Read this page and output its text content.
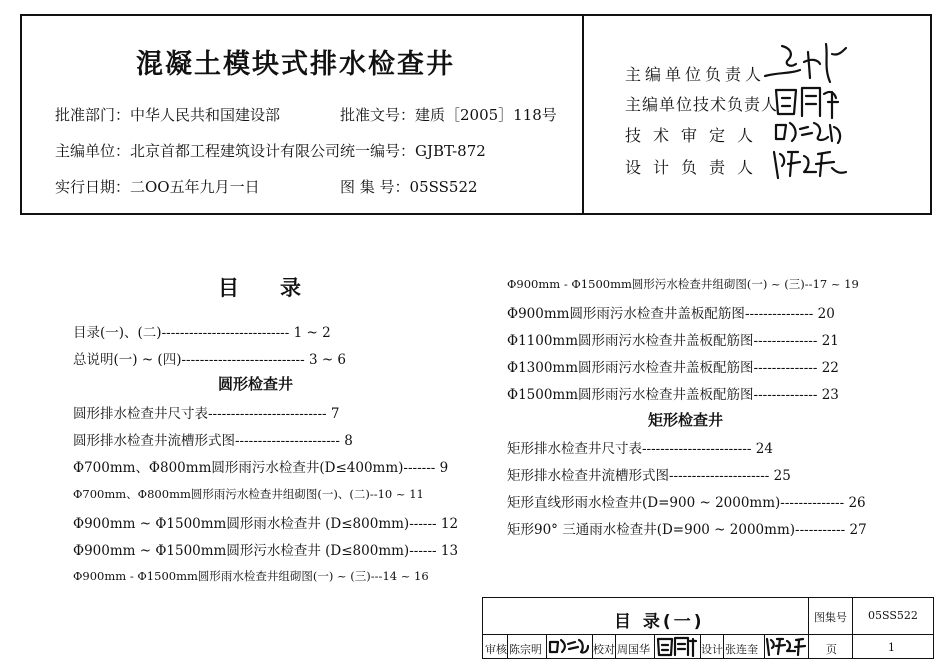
混凝土模块式排水检查井
批准部门：中华人民共和国建设部	批准文号：建质［2005］118号
主编单位：北京首都工程建筑设计有限公司 统一编号：GJBT-872
实行日期：二OO五年九月一日	图 集 号：05SS522
主编单位负责人
主编单位技术负责人
技术审定人
设计负责人
目　录
目录(一)、(二)---------------------------- 1 ~ 2
总说明(一) ~ (四)--------------------------- 3 ~ 6
圆形检查井
圆形排水检查井尺寸表-------------------------- 7
圆形排水检查井流槽形式图----------------------- 8
Φ700mm、Φ800mm圆形雨污水检查井(D≤400mm)------- 9
Φ700mm、Φ800mm圆形雨污水检查井组砌图(一)、(二)--10 ~ 11
Φ900mm ~ Φ1500mm圆形雨水检查井 (D≤800mm)------ 12
Φ900mm ~ Φ1500mm圆形污水检查井 (D≤800mm)------ 13
Φ900mm - Φ1500mm圆形雨水检查井组砌图(一) ~ (三)---14 ~ 16
Φ900mm - Φ1500mm圆形污水检查井组砌图(一) ~ (三)--17 ~ 19
Φ900mm圆形雨污水检查井盖板配筋图--------------- 20
Φ1100mm圆形雨污水检查井盖板配筋图-------------- 21
Φ1300mm圆形雨污水检查井盖板配筋图-------------- 22
Φ1500mm圆形雨污水检查井盖板配筋图-------------- 23
矩形检查井
矩形排水检查井尺寸表------------------------ 24
矩形排水检查井流槽形式图---------------------- 25
矩形直线形雨水检查井(D=900 ~ 2000mm)-------------- 26
矩形90° 三通雨水检查井(D=900 ~ 2000mm)----------- 27
目 录(一)	图集号 05SS522
页	1
审核 陈宗明	校对 周国华	设计 张连奎
